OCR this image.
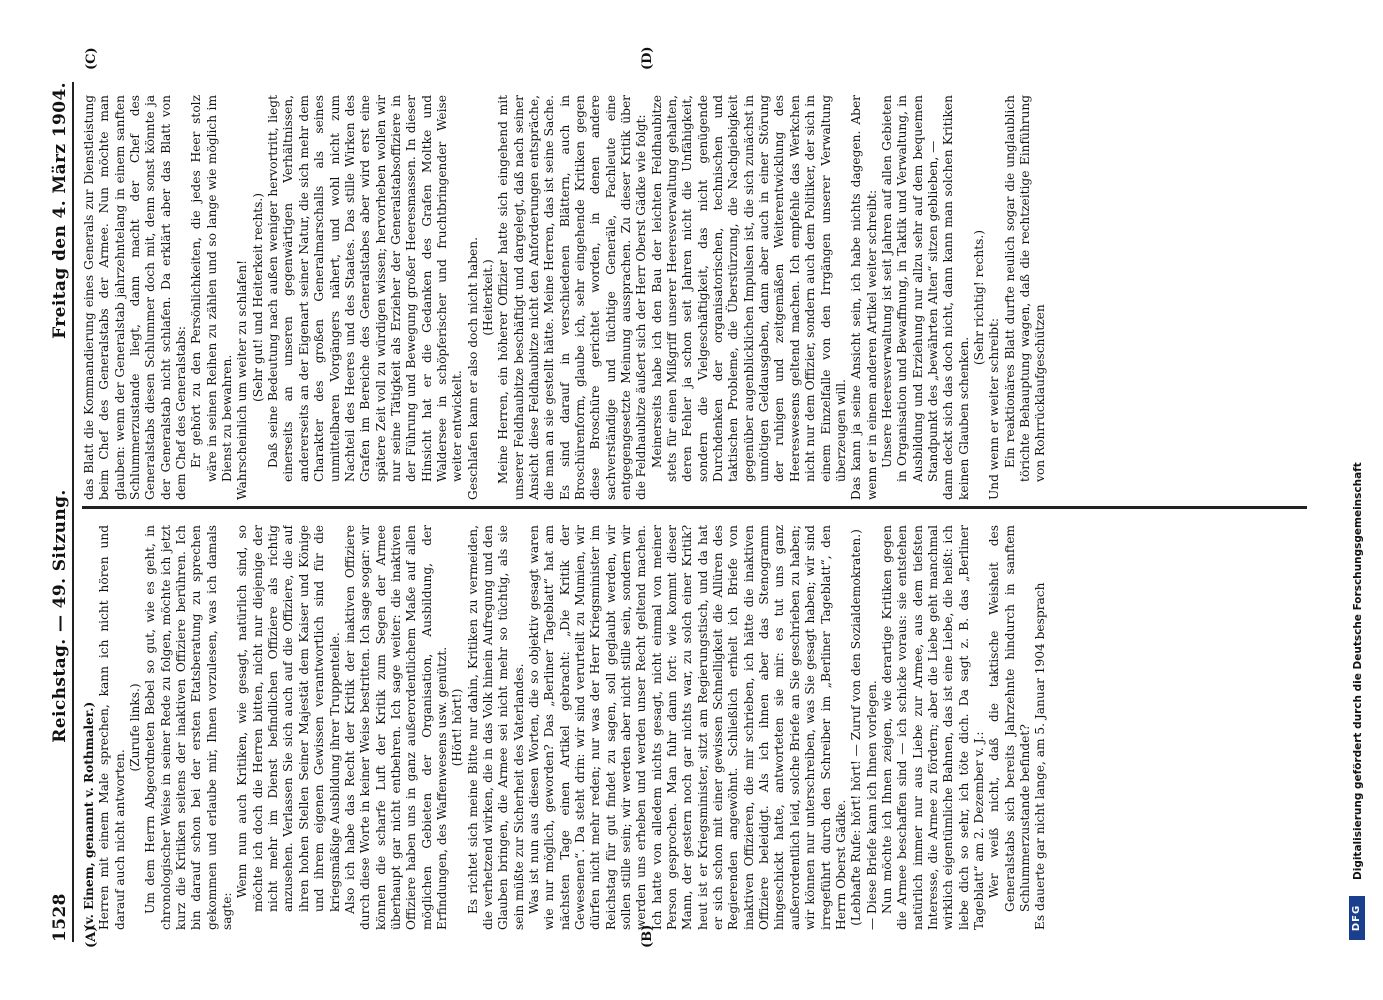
1528
Reichstag. — 49. Sitzung.
Freitag den 4. März 1904.
(A)	(B)
(C)	(D)

(v. Einem, genannt v. Rothmaler.) Herren mit einem Male sprechen, kann ich nicht hören und darauf auch nicht antworten.

(Zurufe links.) Um dem Herrn Abgeordneten Bebel so gut, wie es geht, in chronologischer Weise in seiner Rede zu folgen, möchte ich jetzt kurz die Kritiken seitens der inaktiven Offiziere berühren. Ich bin darauf schon bei der ersten Etatsberatung zu sprechen gekommen und erlaube mir, Ihnen vorzulesen, was ich damals sagte:

Wenn nun auch Kritiken, wie gesagt, natürlich sind, so möchte ich doch die Herren bitten, nicht nur diejenige der nicht mehr im Dienst befindlichen Offiziere als richtig anzusehen. Verlassen Sie sich auch auf die Offiziere, die auf ihren hohen Stellen Seiner Majestät dem Kaiser und Könige und ihrem eigenen Gewissen verantwortlich sind für die kriegsmäßige Ausbildung ihrer Truppenteile. Also ich habe das Recht der Kritik der inaktiven Offiziere durch diese Worte in keiner Weise bestritten. Ich sage sogar: wir können die scharfe Luft der Kritik zum Segen der Armee überhaupt gar nicht entbehren. Ich sage weiter: die inaktiven Offiziere haben uns in ganz außerordentlichem Maße auf allen möglichen Gebieten der Organisation, Ausbildung, der Erfindungen, des Waffenwesens usw. genützt. (Hört! hört!) Es richtet sich meine Bitte nur dahin, Kritiken zu vermeiden, die verhetzend wirken, die in das Volk hinein Aufregung und den Glauben bringen, die Armee sei nicht mehr so tüchtig, als sie sein müßte zur Sicherheit des Vaterlandes. Was ist nun aus diesen Worten, die so objektiv gesagt waren wie nur möglich, geworden? Das „Berliner Tageblatt“ hat am nächsten Tage einen Artikel gebracht: „Die Kritik der Gewesenen“. Da steht drin: wir sind verurteilt zu Mumien, wir dürfen nicht mehr reden; nur was der Herr Kriegsminister im Reichstag für gut findet zu sagen, soll geglaubt werden, wir sollen stille sein; wir werden aber nicht stille sein, sondern wir werden uns erheben und werden unser Recht geltend machen. Ich hatte von alledem nichts gesagt, nicht einmal von meiner Person gesprochen. Man fuhr dann fort: wie kommt dieser Mann, der gestern noch gar nichts war, zu solch einer Kritik? heut ist er Kriegsminister, sitzt am Regierungstisch, und da hat er sich schon mit einer gewissen Schnelligkeit die Allüren des Regierenden angewöhnt. Schließlich erhielt ich Briefe von inaktiven Offizieren, die mir schrieben, ich hätte die inaktiven Offiziere beleidigt. Als ich ihnen aber das Stenogramm hingeschickt hatte, antworteten sie mir: es tut uns ganz außerordentlich leid, solche Briefe an Sie geschrieben zu haben; wir können nur unterschreiben, was Sie gesagt haben; wir sind irregeführt durch den Schreiber im „Berliner Tageblatt“, den Herrn Oberst Gädke. (Lebhafte Rufe: hört! hört! — Zuruf von den Sozialdemokraten.) — Diese Briefe kann ich Ihnen vorlegen. Nun möchte ich Ihnen zeigen, wie derartige Kritiken gegen die Armee beschaffen sind — ich schicke voraus: sie entstehen natürlich immer nur aus Liebe zur Armee, aus dem tiefsten Interesse, die Armee zu fördern; aber die Liebe geht manchmal wirklich eigentümliche Bahnen, das ist eine Liebe, die heißt: ich liebe dich so sehr, ich töte dich. Da sagt z. B. das „Berliner Tageblatt“ am 2. Dezember v. J.: Wer weiß nicht, daß die taktische Weisheit des Generalstabs sich bereits Jahrzehnte hindurch in sanftem Schlummerzustande befindet? Es dauerte gar nicht lange, am 5. Januar 1904 besprach

das Blatt die Kommandierung eines Generals zur Dienstleistung beim Chef des Generalstabs der Armee. Nun möchte man glauben: wenn der Generalstab jahrzehntelang in einem sanften Schlummerzustande liegt, dann macht der Chef des Generalstabs diesen Schlummer doch mit, denn sonst könnte ja der Generalstab nicht schlafen. Da erklärt aber das Blatt von dem Chef des Generalstabs: Er gehört zu den Persönlichkeiten, die jedes Heer stolz wäre in seinen Reihen zu zählen und so lange wie möglich im Dienst zu bewahren. Wahrscheinlich um weiter zu schlafen! (Sehr gut! und Heiterkeit rechts.) Daß seine Bedeutung nach außen weniger hervortritt, liegt einerseits an unseren gegenwärtigen Verhältnissen, andererseits an der Eigenart seiner Natur, die sich mehr dem Charakter des großen Generalmarschalls als seines unmittelbaren Vorgängers nähert, und wohl nicht zum Nachteil des Heeres und des Staates. Das stille Wirken des Grafen im Bereiche des Generalstabes aber wird erst eine spätere Zeit voll zu würdigen wissen; hervorheben wollen wir nur seine Tätigkeit als Erzieher der Generalstabsoffiziere in der Führung und Bewegung großer Heeresmassen. In dieser Hinsicht hat er die Gedanken des Grafen Moltke und Waldersee in schöpferischer und fruchtbringender Weise weiter entwickelt. Geschlafen kann er also doch nicht haben. (Heiterkeit.) Meine Herren, ein höherer Offizier hatte sich eingehend mit unserer Feldhaubitze beschäftigt und dargelegt, daß nach seiner Ansicht diese Feldhaubitze nicht den Anforderungen entspräche, die man an sie gestellt hätte. Meine Herren, das ist seine Sache. Es sind darauf in verschiedenen Blättern, auch in Broschürenform, glaube ich, sehr eingehende Kritiken gegen diese Broschüre gerichtet worden, in denen andere sachverständige und tüchtige Generäle, Fachleute eine entgegengesetzte Meinung aussprachen. Zu dieser Kritik über die Feldhaubitze äußert sich der Herr Oberst Gädke wie folgt: Meinerseits habe ich den Bau der leichten Feldhaubitze stets für einen Mißgriff unserer Heeresverwaltung gehalten, deren Fehler ja schon seit Jahren nicht die Unfähigkeit, sondern die Vielgeschäftigkeit, das nicht genügende Durchdenken der organisatorischen, technischen und taktischen Probleme, die Überstürzung, die Nachgiebigkeit gegenüber augenblicklichen Impulsen ist, die sich zunächst in unnötigen Geldausgaben, dann aber auch in einer Störung der ruhigen und zeitgemäßen Weiterentwicklung des Heereswesens geltend machen. Ich empfehle das Werkchen nicht nur dem Offizier, sondern auch dem Politiker, der sich in einem Einzelfalle von den Irrgängen unserer Verwaltung überzeugen will. Das kann ja seine Ansicht sein, ich habe nichts dagegen. Aber wenn er in einem anderen Artikel weiter schreibt: Unsere Heeresverwaltung ist seit Jahren auf allen Gebieten in Organisation und Bewaffnung, in Taktik und Verwaltung, in Ausbildung und Erziehung nur allzu sehr auf dem bequemen Standpunkt des „bewährten Alten“ sitzen geblieben, — dann deckt sich das doch nicht, dann kann man solchen Kritiken keinen Glauben schenken.

(Sehr richtig! rechts.)

Und wenn er weiter schreibt: Ein reaktionäres Blatt durfte neulich sogar die unglaublich törichte Behauptung wagen, daß die rechtzeitige Einführung von Rohrrücklaufgeschützen

DFG
Digitalisierung gefördert durch die Deutsche Forschungsgemeinschaft
